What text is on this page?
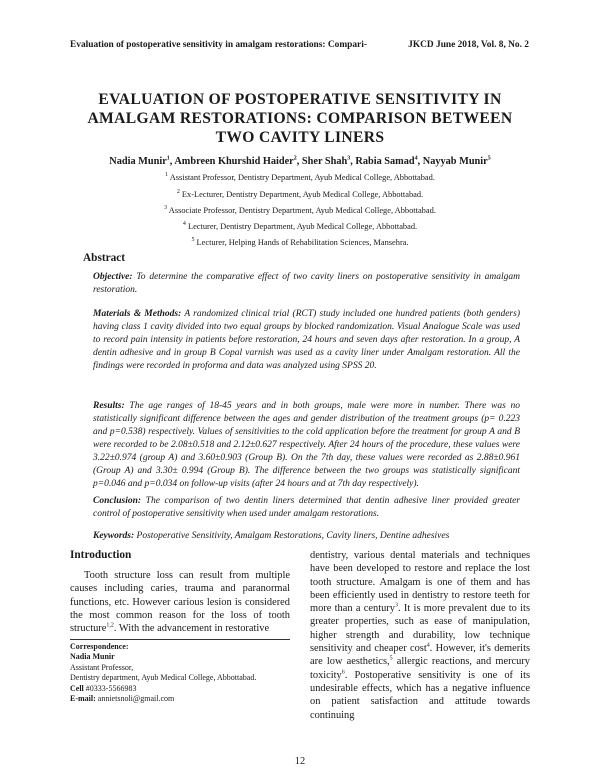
Evaluation of postoperative sensitivity in amalgam restorations: Compari-	JKCD June 2018, Vol. 8, No. 2
EVALUATION OF POSTOPERATIVE SENSITIVITY IN
AMALGAM RESTORATIONS: COMPARISON BETWEEN
TWO CAVITY LINERS
Nadia Munir$^1$, Ambreen Khurshid Haider$^2$, Sher Shah$^3$, Rabia Samad$^4$, Nayyab Munir$^5$
$^1$ Assistant Professor, Dentistry Department, Ayub Medical College, Abbottabad.
$^2$ Ex-Lecturer, Dentistry Department, Ayub Medical College, Abbottabad.
$^3$ Associate Professor, Dentistry Department, Ayub Medical College, Abbottabad.
$^4$ Lecturer, Dentistry Department, Ayub Medical College, Abbottabad.
$^5$ Lecturer, Helping Hands of Rehabilitation Sciences, Mansehra.
Abstract
Objective: To determine the comparative effect of two cavity liners on postoperative sensitivity in amalgam restoration.
Materials & Methods: A randomized clinical trial (RCT) study included one hundred patients (both genders) having class 1 cavity divided into two equal groups by blocked randomization. Visual Analogue Scale was used to record pain intensity in patients before restoration, 24 hours and seven days after restoration. In a group, A dentin adhesive and in group B Copal varnish was used as a cavity liner under Amalgam restoration. All the findings were recorded in proforma and data was analyzed using SPSS 20.
Results: The age ranges of 18-45 years and in both groups, male were more in number. There was no statistically significant difference between the ages and gender distribution of the treatment groups (p= 0.223 and p=0.538) respectively. Values of sensitivities to the cold application before the treatment for group A and B were recorded to be 2.08±0.518 and 2.12±0.627 respectively. After 24 hours of the procedure, these values were 3.22±0.974 (group A) and 3.60±0.903 (Group B). On the 7th day, these values were recorded as 2.88±0.961 (Group A) and 3.30± 0.994 (Group B). The difference between the two groups was statistically significant p=0.046 and p=0.034 on follow-up visits (after 24 hours and at 7th day respectively).
Conclusion: The comparison of two dentin liners determined that dentin adhesive liner provided greater control of postoperative sensitivity when used under amalgam restorations.
Keywords: Postoperative Sensitivity, Amalgam Restorations, Cavity liners, Dentine adhesives
Introduction

Tooth structure loss can result from multiple causes including caries, trauma and paranormal functions, etc. However carious lesion is considered the most common reason for the loss of tooth structure$^{1,2}$. With the advancement in restorative

dentistry, various dental materials and techniques have been developed to restore and replace the lost tooth structure. Amalgam is one of them and has been efficiently used in dentistry to restore teeth for more than a century$^3$. It is more prevalent due to its greater properties, such as ease of manipulation, higher strength and durability, low technique sensitivity and cheaper cost$^4$. However, it's demerits are low aesthetics,$^5$ allergic reactions, and mercury toxicity$^6$. Postoperative sensitivity is one of its undesirable effects, which has a negative influence on patient satisfaction and attitude towards continuing

Correspondence:
Nadia Munir
Assistant Professor,
Dentistry department, Ayub Medical College, Abbottabad.
Cell #0333-5566983
E-mail: annietsnoli@gmail.com
12
